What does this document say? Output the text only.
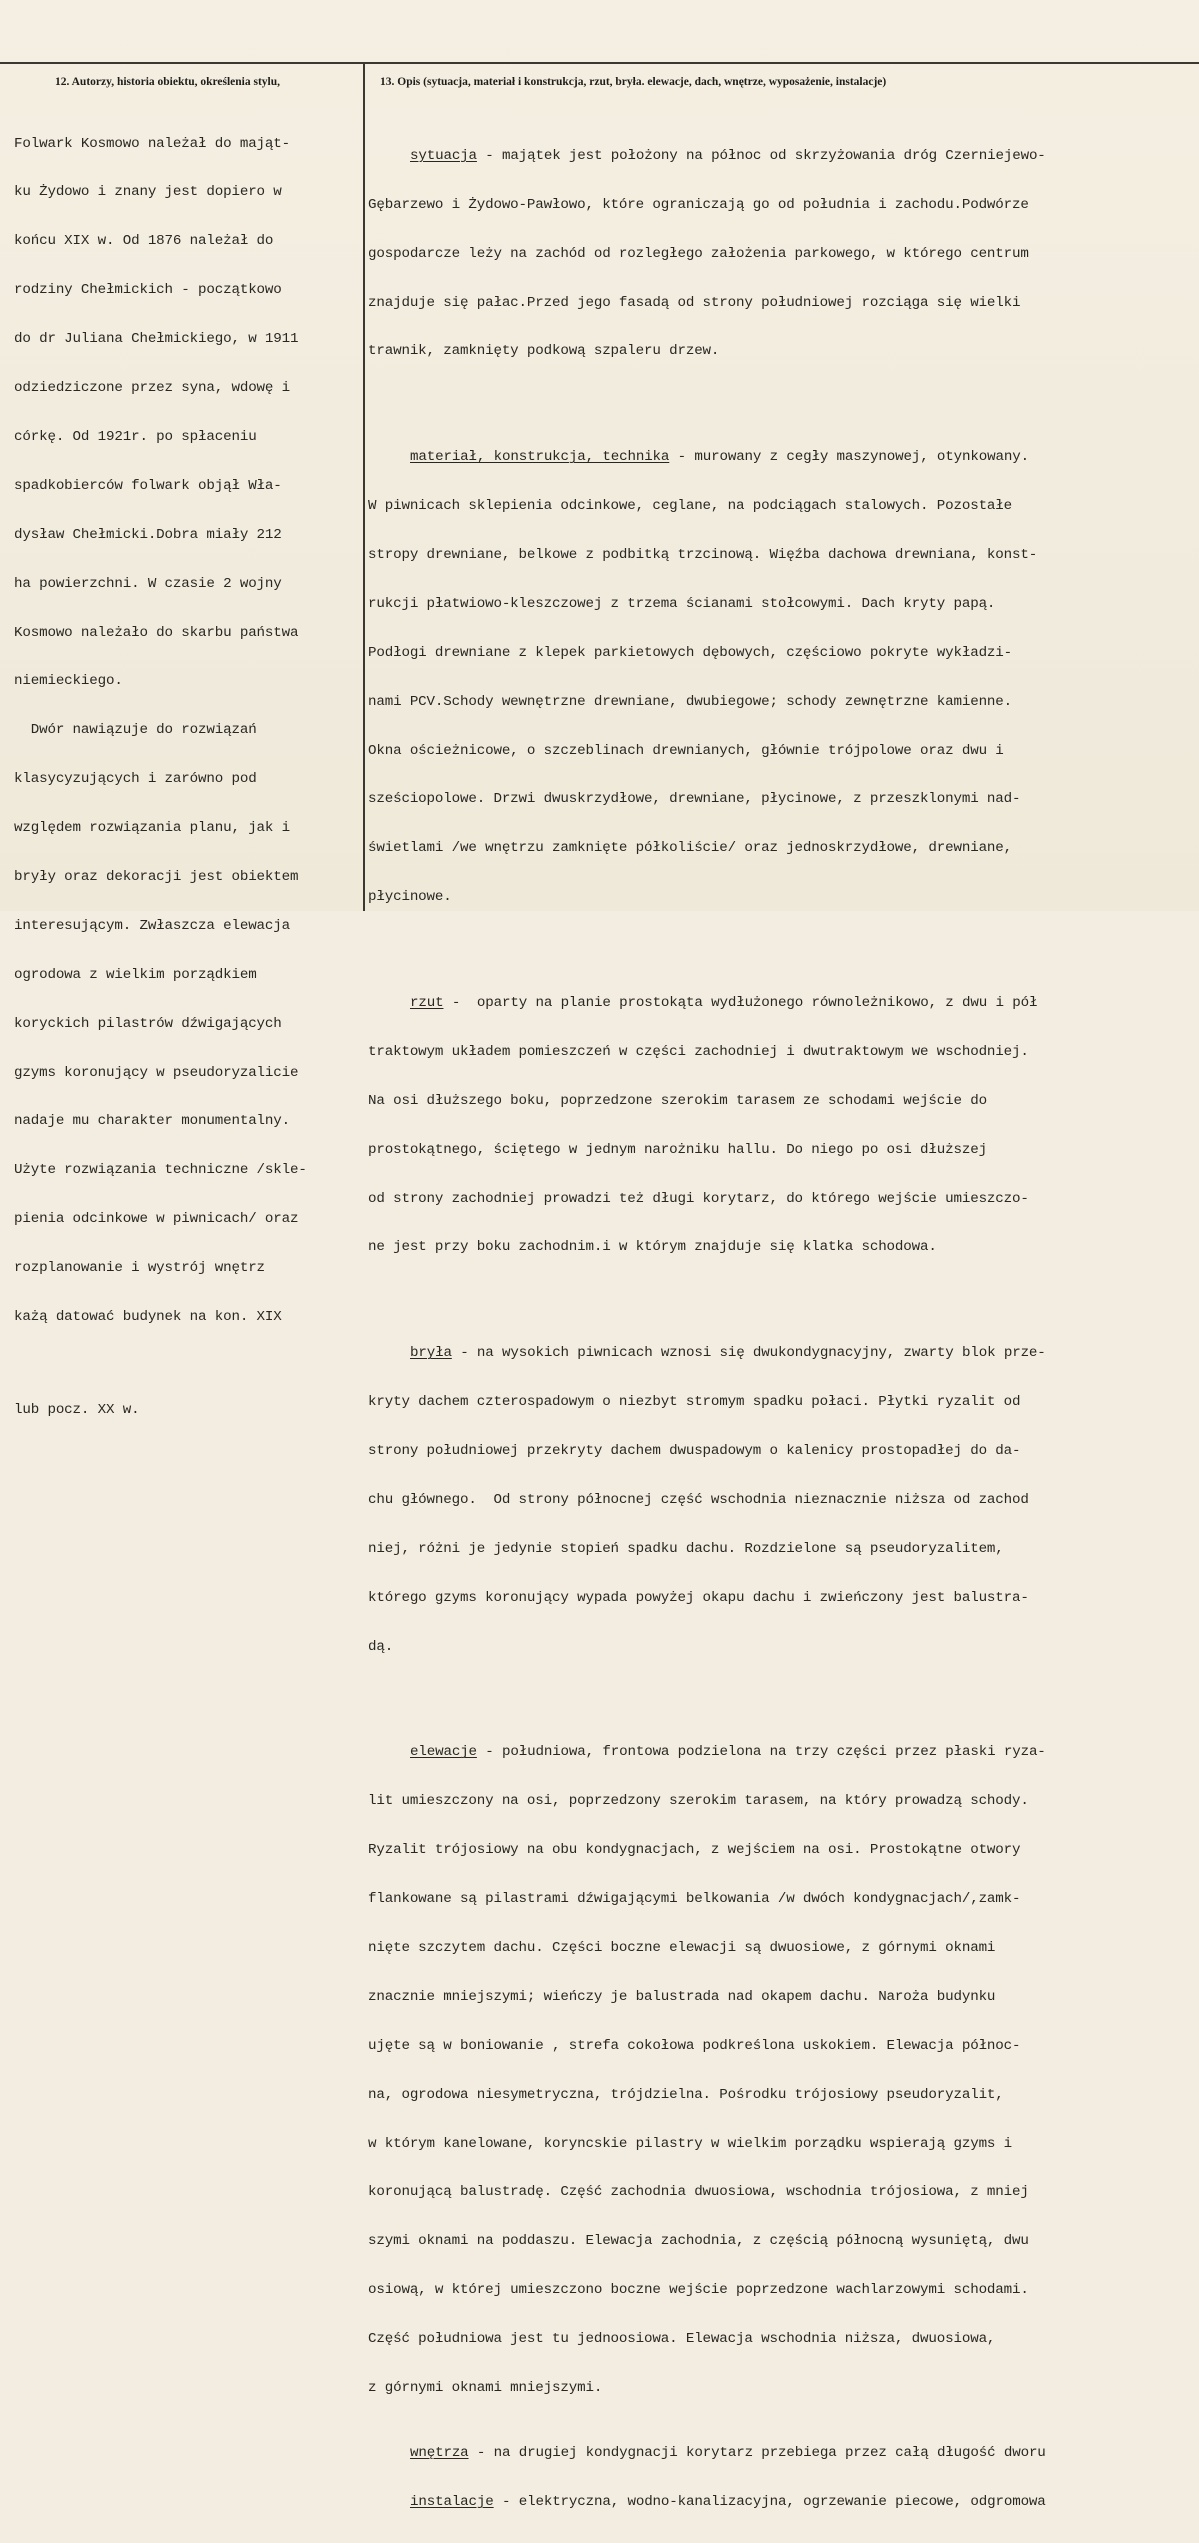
12. Autorzy, historia obiektu, określenia stylu,	13. Opis (sytuacja, materiał i konstrukcja, rzut, bryła. elewacje, dach, wnętrze, wyposażenie, instalacje)

Folwark Kosmowo należał do mająt-

ku Żydowo i znany jest dopiero w

końcu XIX w. Od 1876 należał do

rodziny Chełmickich - początkowo

do dr Juliana Chełmickiego, w 1911

odziedziczone przez syna, wdowę i

córkę. Od 1921r. po spłaceniu

spadkobierców folwark objął Wła-

dysław Chełmicki.Dobra miały 212

ha powierzchni. W czasie 2 wojny

Kosmowo należało do skarbu państwa

niemieckiego.

Dwór nawiązuje do rozwiązań

klasycyzujących i zarówno pod

względem rozwiązania planu, jak i

bryły oraz dekoracji jest obiektem

interesującym. Zwłaszcza elewacja

ogrodowa z wielkim porządkiem

koryckich pilastrów dźwigających

gzyms koronujący w pseudoryzalicie

nadaje mu charakter monumentalny.

Użyte rozwiązania techniczne /skle-

pienia odcinkowe w piwnicach/ oraz

rozplanowanie i wystrój wnętrz

każą datować budynek na kon. XIX

lub pocz. XX w.

sytuacja - majątek jest położony na północ od skrzyżowania dróg Czerniejewo-

Gębarzewo i Żydowo-Pawłowo, które ograniczają go od południa i zachodu.Podwórze

gospodarcze leży na zachód od rozległego założenia parkowego, w którego centrum

znajduje się pałac.Przed jego fasadą od strony południowej rozciąga się wielki

trawnik, zamknięty podkową szpaleru drzew.

materiał, konstrukcja, technika - murowany z cegły maszynowej, otynkowany.

W piwnicach sklepienia odcinkowe, ceglane, na podciągach stalowych. Pozostałe

stropy drewniane, belkowe z podbitką trzcinową. Więźba dachowa drewniana, konst-

rukcji płatwiowo-kleszczowej z trzema ścianami stołcowymi. Dach kryty papą.

Podłogi drewniane z klepek parkietowych dębowych, częściowo pokryte wykładzi-

nami PCV.Schody wewnętrzne drewniane, dwubiegowe; schody zewnętrzne kamienne.

Okna ościeżnicowe, o szczeblinach drewnianych, głównie trójpolowe oraz dwu i

sześciopolowe. Drzwi dwuskrzydłowe, drewniane, płycinowe, z przeszklonymi nad-

świetlami /we wnętrzu zamknięte półkoliście/ oraz jednoskrzydłowe, drewniane,

płycinowe.

rzut -  oparty na planie prostokąta wydłużonego równoleżnikowo, z dwu i pół

traktowym układem pomieszczeń w części zachodniej i dwutraktowym we wschodniej.

Na osi dłuższego boku, poprzedzone szerokim tarasem ze schodami wejście do

prostokątnego, ściętego w jednym narożniku hallu. Do niego po osi dłuższej

od strony zachodniej prowadzi też długi korytarz, do którego wejście umieszczo-

ne jest przy boku zachodnim.i w którym znajduje się klatka schodowa.

bryła - na wysokich piwnicach wznosi się dwukondygnacyjny, zwarty blok prze-

kryty dachem czterospadowym o niezbyt stromym spadku połaci. Płytki ryzalit od

strony południowej przekryty dachem dwuspadowym o kalenicy prostopadłej do da-

chu głównego.  Od strony północnej część wschodnia nieznacznie niższa od zachod

niej, różni je jedynie stopień spadku dachu. Rozdzielone są pseudoryzalitem,

którego gzyms koronujący wypada powyżej okapu dachu i zwieńczony jest balustra-

dą.

elewacje - południowa, frontowa podzielona na trzy części przez płaski ryza-

lit umieszczony na osi, poprzedzony szerokim tarasem, na który prowadzą schody.

Ryzalit trójosiowy na obu kondygnacjach, z wejściem na osi. Prostokątne otwory

flankowane są pilastrami dźwigającymi belkowania /w dwóch kondygnacjach/,zamk-

nięte szczytem dachu. Części boczne elewacji są dwuosiowe, z górnymi oknami

znacznie mniejszymi; wieńczy je balustrada nad okapem dachu. Naroża budynku

ujęte są w boniowanie , strefa cokołowa podkreślona uskokiem. Elewacja północ-

na, ogrodowa niesymetryczna, trójdzielna. Pośrodku trójosiowy pseudoryzalit,

w którym kanelowane, koryncskie pilastry w wielkim porządku wspierają gzyms i

koronującą balustradę. Część zachodnia dwuosiowa, wschodnia trójosiowa, z mniej

szymi oknami na poddaszu. Elewacja zachodnia, z częścią północną wysuniętą, dwu

osiową, w której umieszczono boczne wejście poprzedzone wachlarzowymi schodami.

Część południowa jest tu jednoosiowa. Elewacja wschodnia niższa, dwuosiowa,

z górnymi oknami mniejszymi.

wnętrza - na drugiej kondygnacji korytarz przebiega przez całą długość dworu

instalacje - elektryczna, wodno-kanalizacyjna, ogrzewanie piecowe, odgromowa
